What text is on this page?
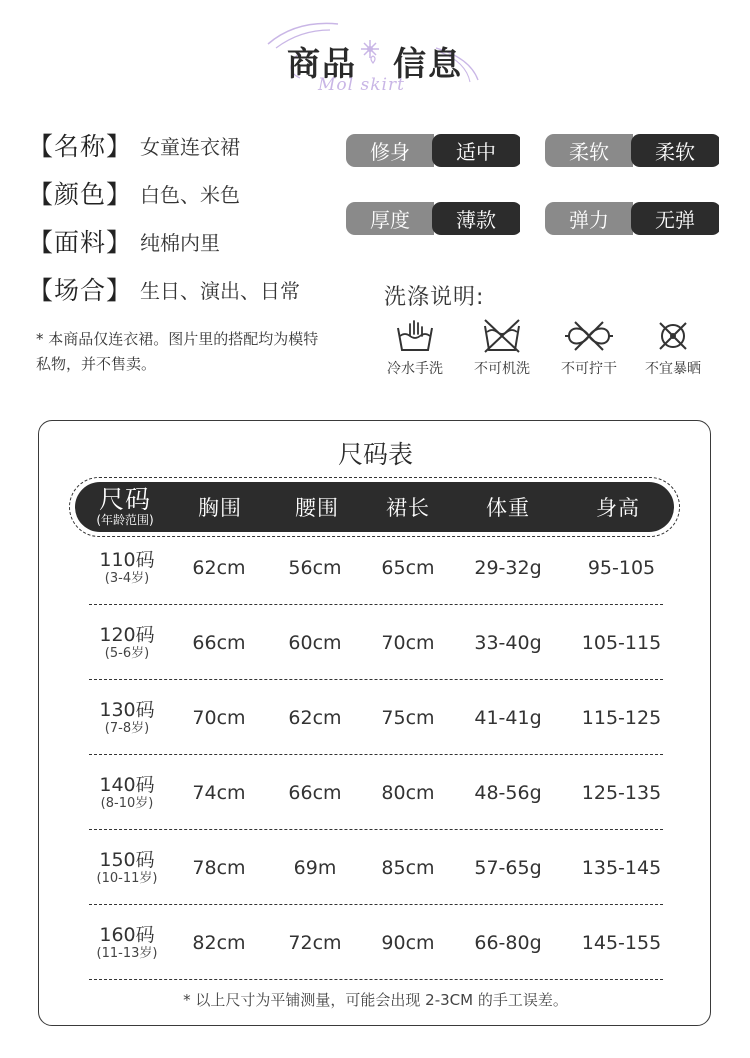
商品 信息
Mol skirt
【名称】 女童连衣裙
【颜色】 白色、米色
【面料】 纯棉内里
【场合】 生日、演出、日常
* 本商品仅连衣裙。图片里的搭配均为模特私物，并不售卖。
修身	适中	柔软	柔软
厚度	薄款	弹力	无弹
洗涤说明:
冷水手洗	不可机洗	不可拧干	不宜暴晒
尺码表
尺码
(年龄范围) 胸围	腰围 裙长	体重	身高
110码
(3-4岁)	62cm	56cm	65cm	29-32g	95-105
120码
(5-6岁)	66cm	60cm	70cm	33-40g	105-115
130码
(7-8岁)	70cm	62cm	75cm	41-41g	115-125
140码
(8-10岁)	74cm	66cm	80cm	48-56g	125-135
150码
(10-11岁)	78cm	69m	85cm	57-65g	135-145
160码
(11-13岁)	82cm	72cm	90cm	66-80g	145-155
* 以上尺寸为平铺测量，可能会出现 2-3CM 的手工误差。
